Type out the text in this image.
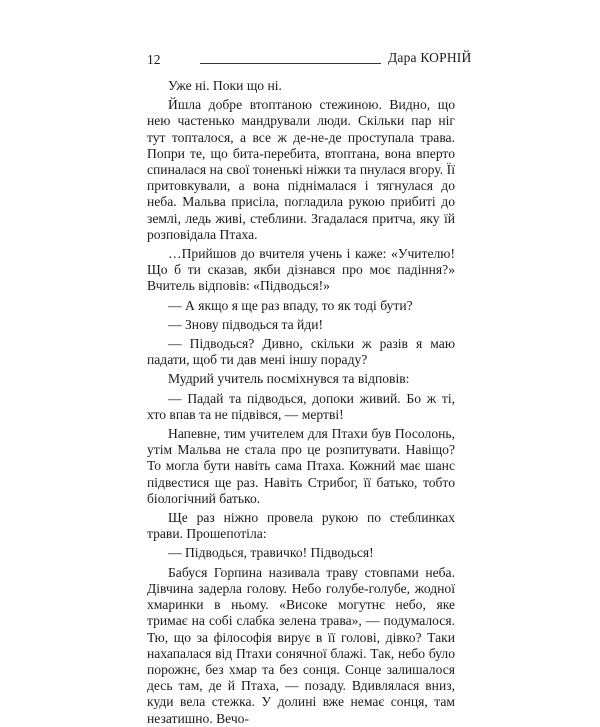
12	Дара КОРНІЙ

Уже ні. Поки що ні.

Йшла добре втоптаною стежиною. Видно, що нею частенько мандрували люди. Скільки пар ніг тут топталося, а все ж де-не-де проступала трава. Попри те, що бита-перебита, втоптана, вона вперто спиналася на свої тоненькі ніжки та пнулася вгору. Її притовкували, а вона піднімалася і тягнулася до неба. Мальва присіла, погладила рукою прибиті до землі, ледь живі, стеблини. Згадалася притча, яку їй розповідала Птаха.

…Прийшов до вчителя учень і каже: «Учителю! Що б ти сказав, якби дізнався про моє падіння?» Вчитель відповів: «Підводься!»

— А якщо я ще раз впаду, то як тоді бути?

— Знову підводься та йди!

— Підводься? Дивно, скільки ж разів я маю падати, щоб ти дав мені іншу пораду?

Мудрий учитель посміхнувся та відповів:

— Падай та підводься, допоки живий. Бо ж ті, хто впав та не підвівся, — мертві!

Напевне, тим учителем для Птахи був Посолонь, утім Мальва не стала про це розпитувати. Навіщо? То могла бути навіть сама Птаха. Кожний має шанс підвестися ще раз. Навіть Стрибог, її батько, тобто біологічний батько.

Ще раз ніжно провела рукою по стеблинках трави. Прошепотіла:

— Підводься, травичко! Підводься!

Бабуся Горпина називала траву стовпами неба. Дівчина задерла голову. Небо голубе-голубе, жодної хмаринки в ньому. «Високе могутнє небо, яке тримає на собі слабка зелена трава», — подумалося. Тю, що за філософія вирує в її голові, дівко? Таки нахапалася від Птахи сонячної блажі. Так, небо було порожнє, без хмар та без сонця. Сонце залишалося десь там, де й Птаха, — позаду. Вдивлялася вниз, куди вела стежка. У долині вже немає сонця, там незатишно. Вечо-
